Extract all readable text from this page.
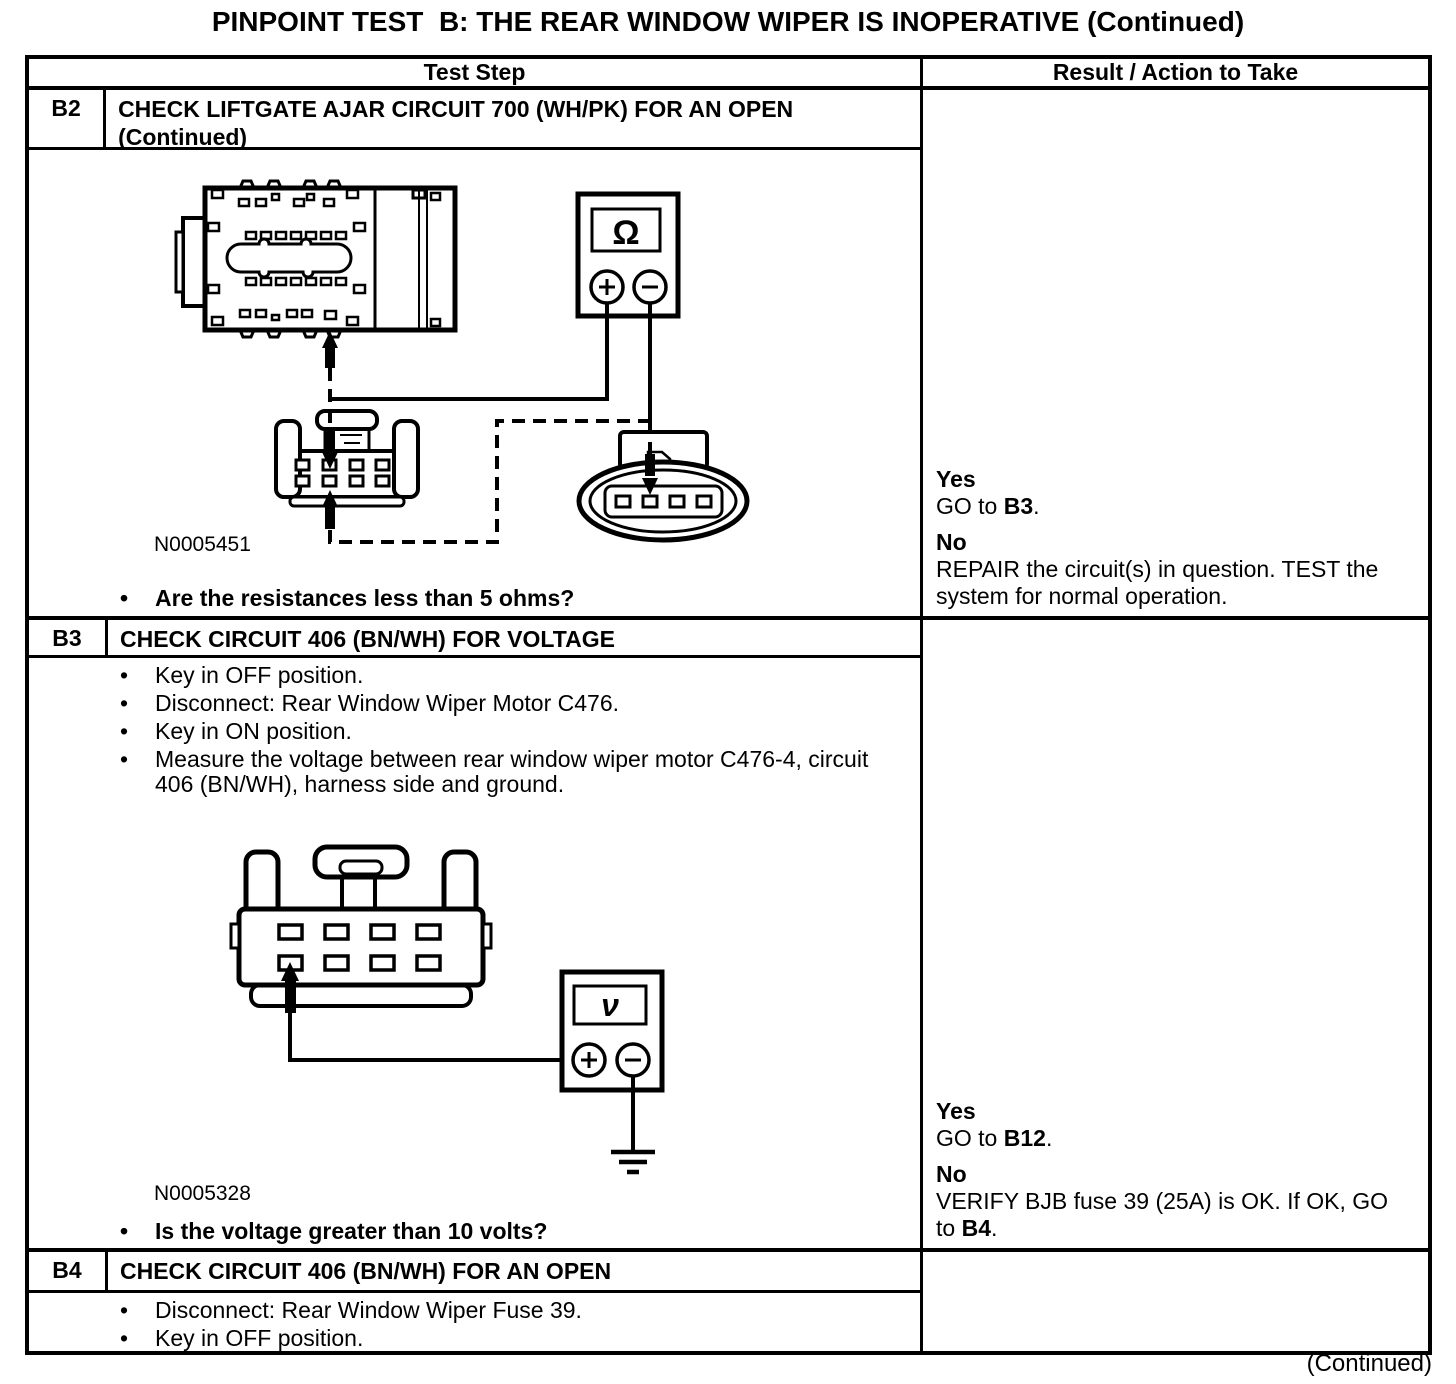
PINPOINT TEST  B: THE REAR WINDOW WIPER IS INOPERATIVE (Continued)
Test Step	Result / Action to Take
B2	CHECK LIFTGATE AJAR CIRCUIT 700 (WH/PK) FOR AN OPEN (Continued)
Ω
N0005451
•	Are the resistances less than 5 ohms?
Yes
GO to B3.
No
REPAIR the circuit(s) in question. TEST the system for normal operation.
B3	CHECK CIRCUIT 406 (BN/WH) FOR VOLTAGE
•	Key in OFF position.
•	Disconnect: Rear Window Wiper Motor C476.
•	Key in ON position.
•	Measure the voltage between rear window wiper motor C476-4, circuit 406 (BN/WH), harness side and ground.
ν
N0005328
•	Is the voltage greater than 10 volts?
Yes
GO to B12.
No
VERIFY BJB fuse 39 (25A) is OK. If OK, GO to B4.
B4	CHECK CIRCUIT 406 (BN/WH) FOR AN OPEN
•	Disconnect: Rear Window Wiper Fuse 39.
•	Key in OFF position.
(Continued)
